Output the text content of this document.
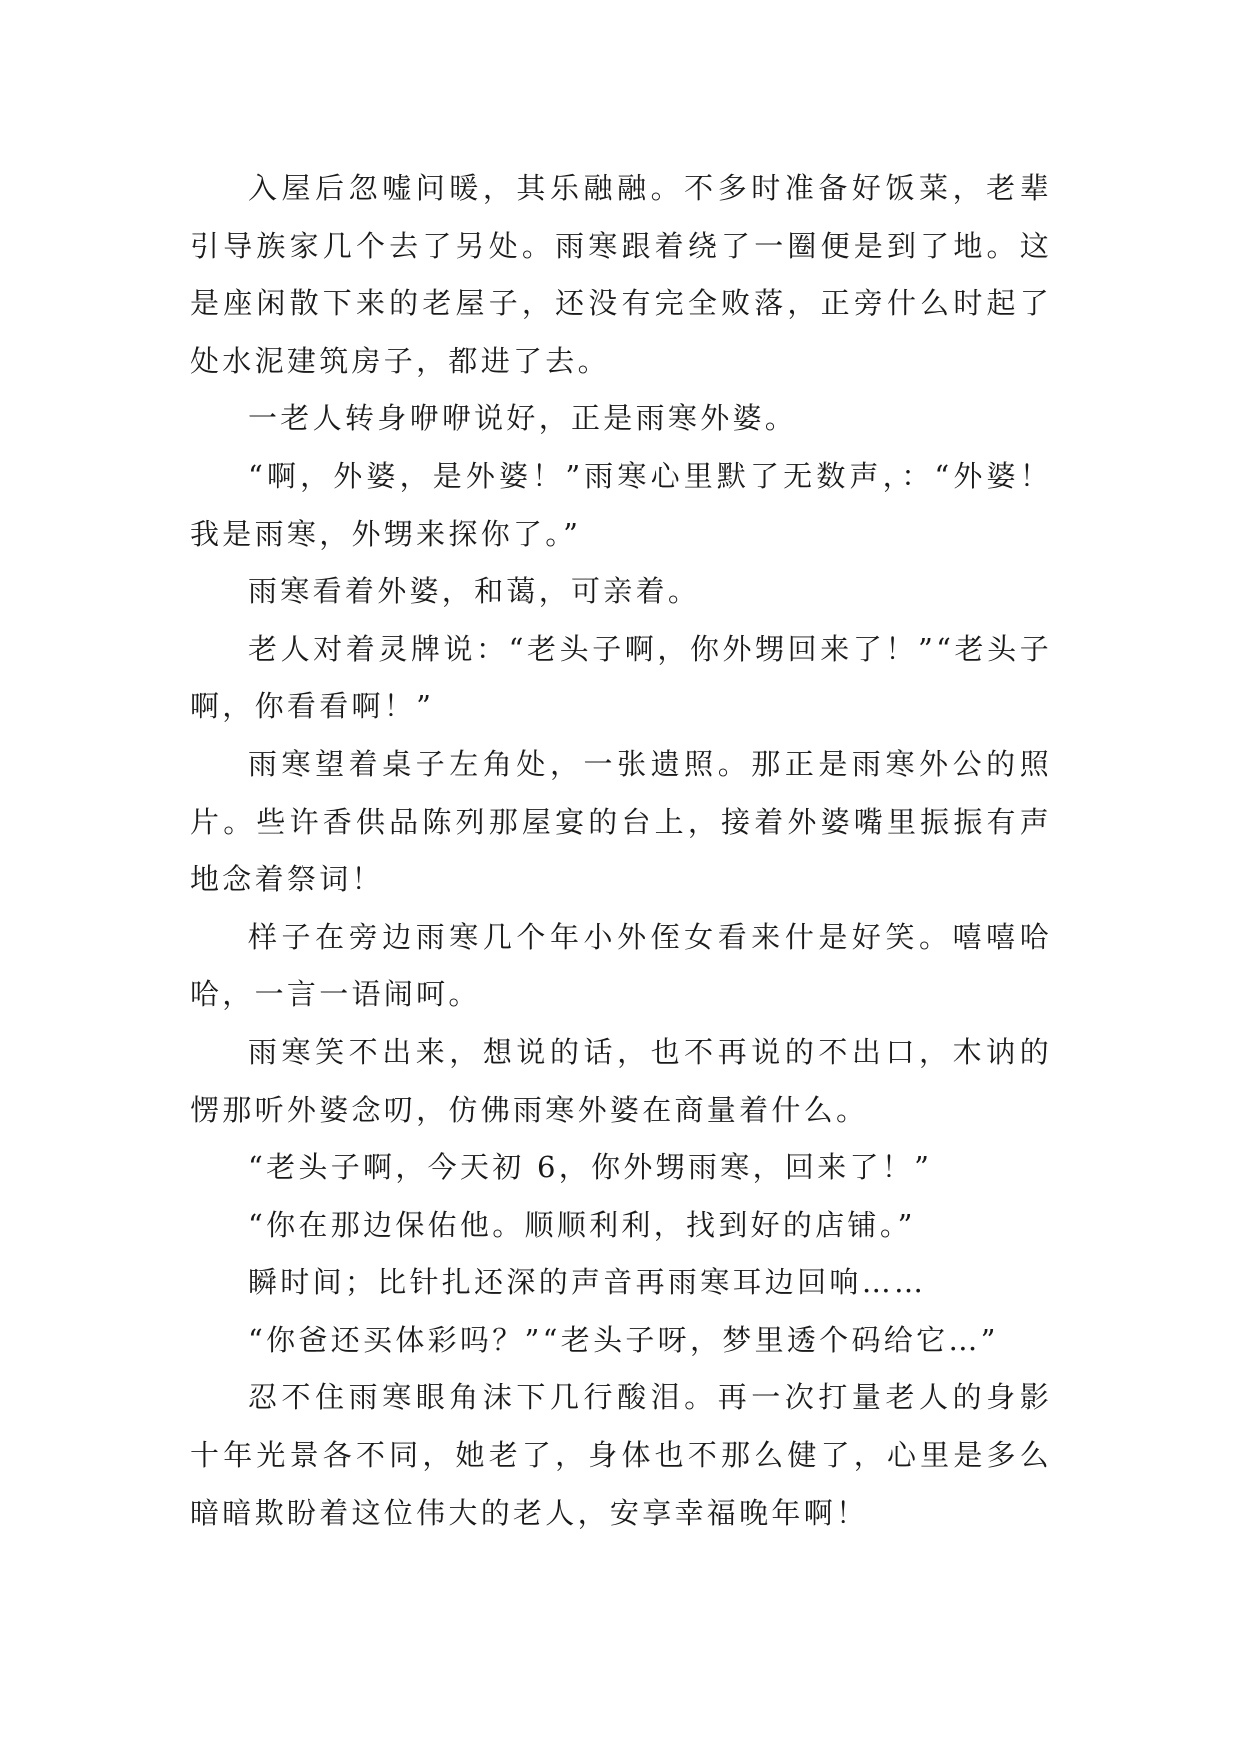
入屋后忽嘘问暖，其乐融融。不多时准备好饭菜，老辈引导族家几个去了另处。雨寒跟着绕了一圈便是到了地。这是座闲散下来的老屋子，还没有完全败落，正旁什么时起了处水泥建筑房子，都进了去。

一老人转身咿咿说好，正是雨寒外婆。

“啊，外婆，是外婆！”雨寒心里默了无数声，：“外婆！我是雨寒，外甥来探你了。”

雨寒看着外婆，和蔼，可亲着。

老人对着灵牌说：“老头子啊，你外甥回来了！”“老头子啊，你看看啊！”

雨寒望着桌子左角处，一张遗照。那正是雨寒外公的照片。些许香供品陈列那屋宴的台上，接着外婆嘴里振振有声地念着祭词！

样子在旁边雨寒几个年小外侄女看来什是好笑。嘻嘻哈哈，一言一语闹呵。

雨寒笑不出来，想说的话，也不再说的不出口，木讷的愣那听外婆念叨，仿佛雨寒外婆在商量着什么。

“老头子啊，今天初 6，你外甥雨寒，回来了！”

“你在那边保佑他。顺顺利利，找到好的店铺。”

瞬时间；比针扎还深的声音再雨寒耳边回响……

“你爸还买体彩吗？”“老头子呀，梦里透个码给它…”

忍不住雨寒眼角沫下几行酸泪。再一次打量老人的身影十年光景各不同，她老了，身体也不那么健了，心里是多么暗暗欺盼着这位伟大的老人，安享幸福晚年啊！
